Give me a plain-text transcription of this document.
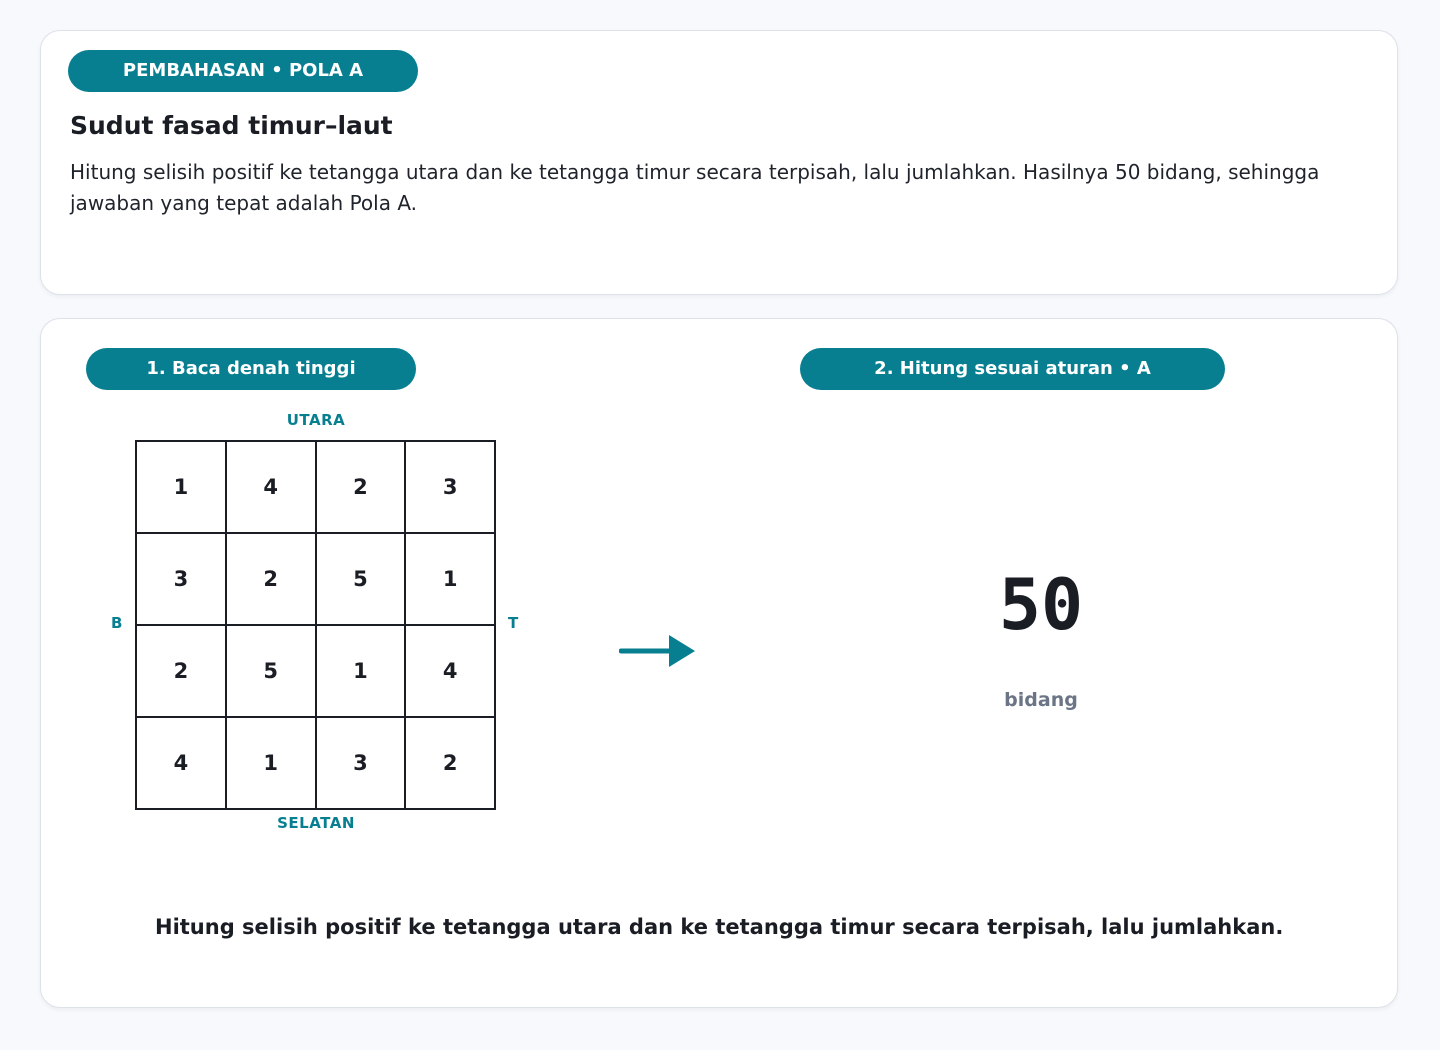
PEMBAHASAN • POLA A
Sudut fasad timur–laut

Hitung selisih positif ke tetangga utara dan ke tetangga timur secara terpisah, lalu jumlahkan. Hasilnya 50 bidang, sehingga jawaban yang tepat adalah Pola A.

1. Baca denah tinggi	2. Hitung sesuai aturan • A
UTARA
SELATAN
B	T
1	4	2	3
3	2	5	1
2	5	1	4
4	1	3	2
50
bidang

Hitung selisih positif ke tetangga utara dan ke tetangga timur secara terpisah, lalu jumlahkan.
